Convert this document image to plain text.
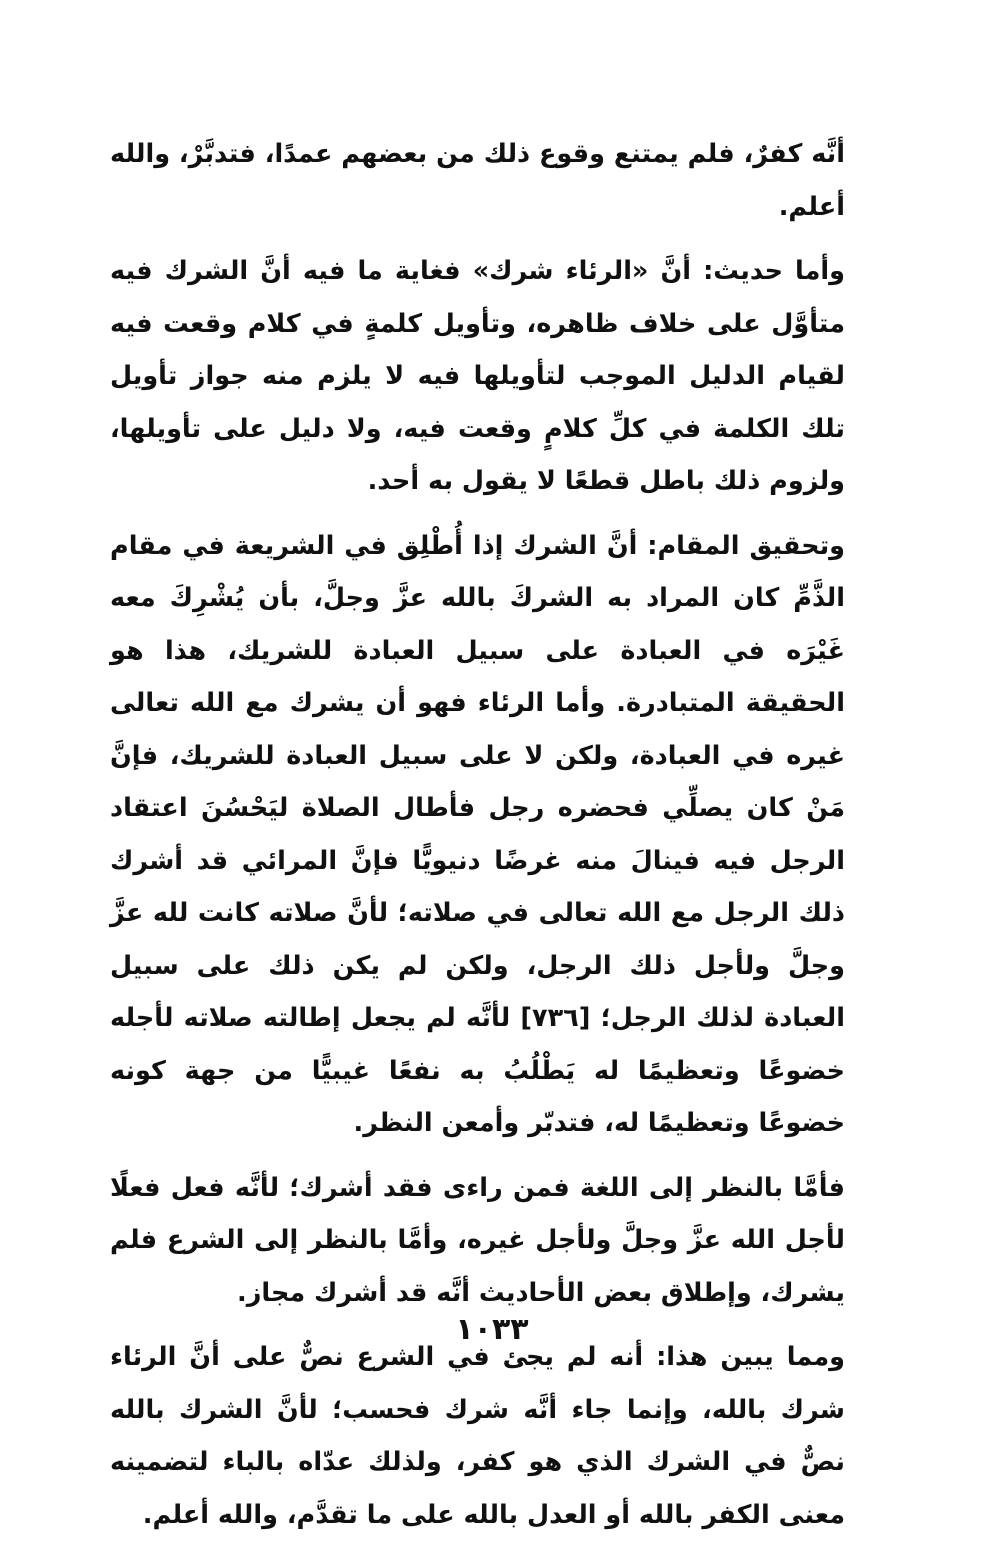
أنَّه كفرٌ، فلم يمتنع وقوع ذلك من بعضهم عمدًا، فتدبَّرْ، والله أعلم.

وأما حديث: أنَّ «الرئاء شرك» فغاية ما فيه أنَّ الشرك فيه متأوَّل على خلاف ظاهره، وتأويل كلمةٍ في كلام وقعت فيه لقيام الدليل الموجب لتأويلها فيه لا يلزم منه جواز تأويل تلك الكلمة في كلِّ كلامٍ وقعت فيه، ولا دليل على تأويلها، ولزوم ذلك باطل قطعًا لا يقول به أحد.

وتحقيق المقام: أنَّ الشرك إذا أُطْلِق في الشريعة في مقام الذَّمِّ كان المراد به الشركَ بالله عزَّ وجلَّ، بأن يُشْرِكَ معه غَيْرَه في العبادة على سبيل العبادة للشريك، هذا هو الحقيقة المتبادرة. وأما الرئاء فهو أن يشرك مع الله تعالى غيره في العبادة، ولكن لا على سبيل العبادة للشريك، فإنَّ مَنْ كان يصلِّي فحضره رجل فأطال الصلاة ليَحْسُنَ اعتقاد الرجل فيه فينالَ منه غرضًا دنيويًّا فإنَّ المرائي قد أشرك ذلك الرجل مع الله تعالى في صلاته؛ لأنَّ صلاته كانت لله عزَّ وجلَّ ولأجل ذلك الرجل، ولكن لم يكن ذلك على سبيل العبادة لذلك الرجل؛ [٧٣٦] لأنَّه لم يجعل إطالته صلاته لأجله خضوعًا وتعظيمًا له يَطْلُبُ به نفعًا غيبيًّا من جهة كونه خضوعًا وتعظيمًا له، فتدبّر وأمعن النظر.

فأمَّا بالنظر إلى اللغة فمن راءى فقد أشرك؛ لأنَّه فعل فعلًا لأجل الله عزَّ وجلَّ ولأجل غيره، وأمَّا بالنظر إلى الشرع فلم يشرك، وإطلاق بعض الأحاديث أنَّه قد أشرك مجاز.

ومما يبين هذا: أنه لم يجئ في الشرع نصٌّ على أنَّ الرئاء شرك بالله، وإنما جاء أنَّه شرك فحسب؛ لأنَّ الشرك بالله نصٌّ في الشرك الذي هو كفر، ولذلك عدّاه بالباء لتضمينه معنى الكفر بالله أو العدل بالله على ما تقدَّم، والله أعلم.

١٠٣٣
